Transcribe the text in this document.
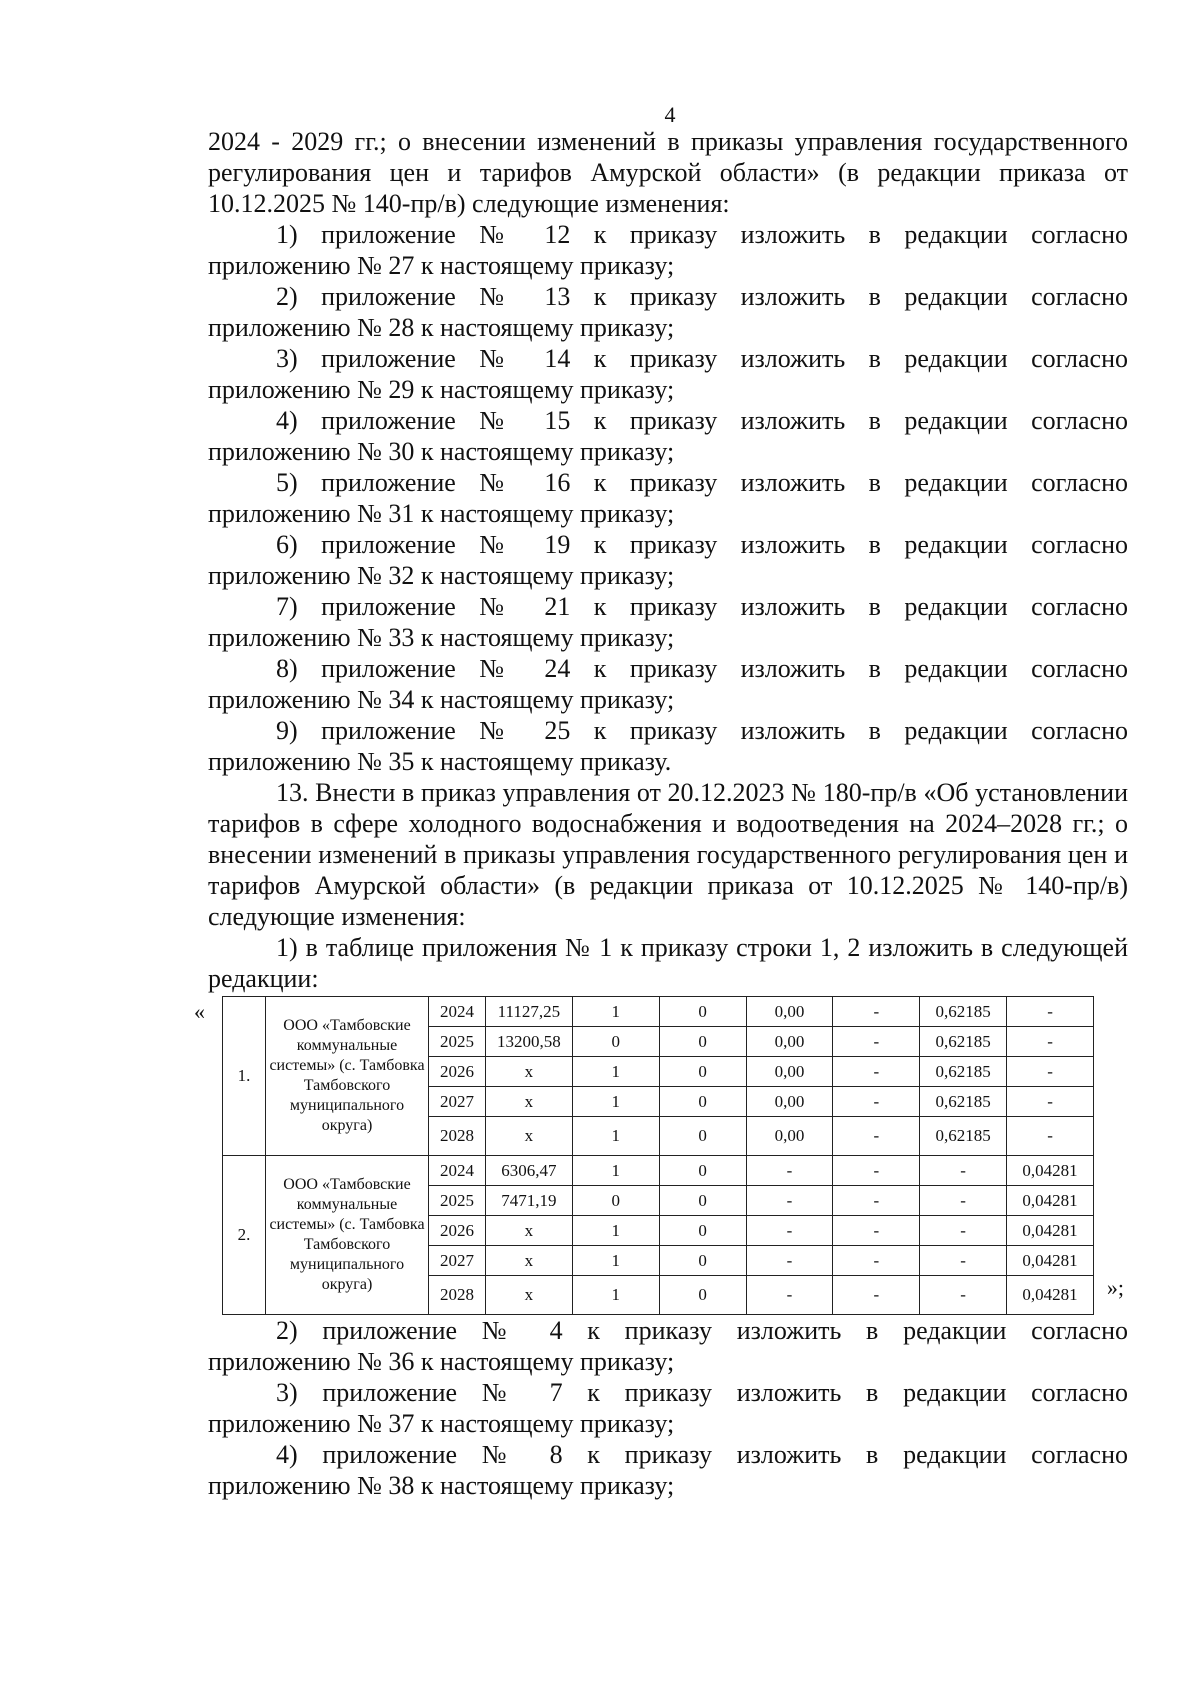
4

2024 - 2029 гг.; о внесении изменений в приказы управления государственного регулирования цен и тарифов Амурской области» (в редакции приказа от 10.12.2025 № 140-пр/в) следующие изменения:

1) приложение № 12 к приказу изложить в редакции согласно
приложению № 27 к настоящему приказу;

2) приложение № 13 к приказу изложить в редакции согласно
приложению № 28 к настоящему приказу;

3) приложение № 14 к приказу изложить в редакции согласно
приложению № 29 к настоящему приказу;

4) приложение № 15 к приказу изложить в редакции согласно
приложению № 30 к настоящему приказу;

5) приложение № 16 к приказу изложить в редакции согласно
приложению № 31 к настоящему приказу;

6) приложение № 19 к приказу изложить в редакции согласно
приложению № 32 к настоящему приказу;

7) приложение № 21 к приказу изложить в редакции согласно
приложению № 33 к настоящему приказу;

8) приложение № 24 к приказу изложить в редакции согласно
приложению № 34 к настоящему приказу;

9) приложение № 25 к приказу изложить в редакции согласно
приложению № 35 к настоящему приказу.

13. Внести в приказ управления от 20.12.2023 № 180-пр/в «Об установлении тарифов в сфере холодного водоснабжения и водоотведения на 2024–2028 гг.; о внесении изменений в приказы управления государственного регулирования цен и тарифов Амурской области» (в редакции приказа от 10.12.2025 № 140-пр/в) следующие изменения:

1) в таблице приложения № 1 к приказу строки 1, 2 изложить в следующей редакции:

«
1.	ООО «Тамбовские коммунальные системы» (с. Тамбовка Тамбовского муниципального округа)	2024	11127,25	1	0	0,00	-	0,62185	-
		2025	13200,58	0	0	0,00	-	0,62185	-
		2026	х	1	0	0,00	-	0,62185	-
		2027	х	1	0	0,00	-	0,62185	-
		2028	х	1	0	0,00	-	0,62185	-
2.	ООО «Тамбовские коммунальные системы» (с. Тамбовка Тамбовского муниципального округа)	2024	6306,47	1	0	-	-	-	0,04281
		2025	7471,19	0	0	-	-	-	0,04281
		2026	х	1	0	-	-	-	0,04281
		2027	х	1	0	-	-	-	0,04281
		2028	х	1	0	-	-	-	0,04281 »;

2) приложение № 4 к приказу изложить в редакции согласно
приложению № 36 к настоящему приказу;

3) приложение № 7 к приказу изложить в редакции согласно
приложению № 37 к настоящему приказу;

4) приложение № 8 к приказу изложить в редакции согласно
приложению № 38 к настоящему приказу;
